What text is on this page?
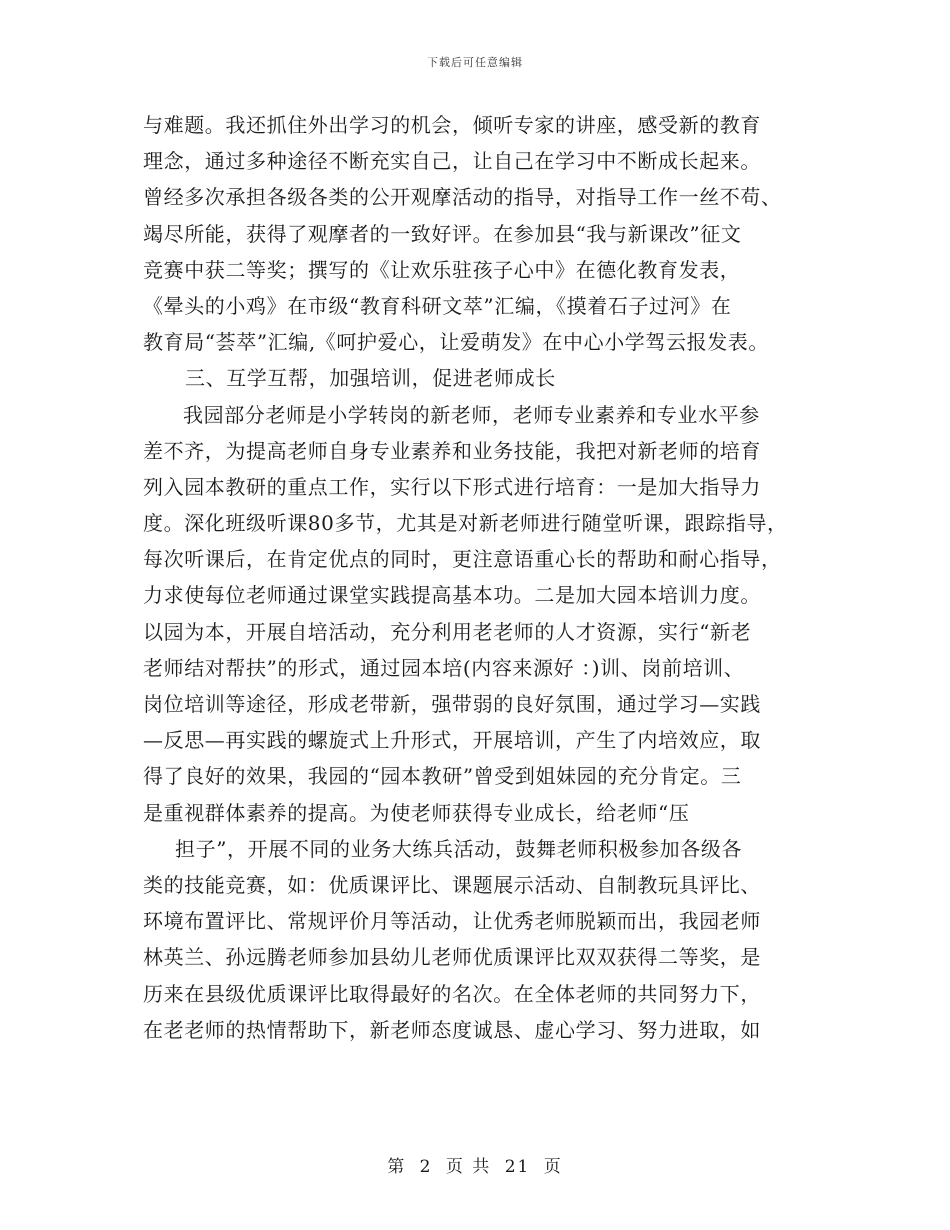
下载后可任意编辑
与难题。我还抓住外出学习的机会，倾听专家的讲座，感受新的教育
理念，通过多种途径不断充实自己，让自己在学习中不断成长起来。
曾经多次承担各级各类的公开观摩活动的指导，对指导工作一丝不苟、
竭尽所能，获得了观摩者的一致好评。在参加县“我与新课改”征文
竞赛中获二等奖；撰写的《让欢乐驻孩子心中》在德化教育发表，
《晕头的小鸡》在市级“教育科研文萃”汇编，《摸着石子过河》在
教育局“荟萃”汇编,《呵护爱心，让爱萌发》在中心小学驾云报发表。
三、互学互帮，加强培训，促进老师成长
我园部分老师是小学转岗的新老师，老师专业素养和专业水平参
差不齐，为提高老师自身专业素养和业务技能，我把对新老师的培育
列入园本教研的重点工作，实行以下形式进行培育：一是加大指导力
度。深化班级听课80多节，尤其是对新老师进行随堂听课，跟踪指导，
每次听课后，在肯定优点的同时，更注意语重心长的帮助和耐心指导，
力求使每位老师通过课堂实践提高基本功。二是加大园本培训力度。
以园为本，开展自培活动，充分利用老老师的人才资源，实行“新老
老师结对帮扶”的形式，通过园本培(内容来源好 ：)训、岗前培训、
岗位培训等途径，形成老带新，强带弱的良好氛围，通过学习—实践
—反思—再实践的螺旋式上升形式，开展培训，产生了内培效应，取
得了良好的效果，我园的“园本教研”曾受到姐妹园的充分肯定。三
是重视群体素养的提高。为使老师获得专业成长，给老师“压
担子”，开展不同的业务大练兵活动，鼓舞老师积极参加各级各
类的技能竞赛，如：优质课评比、课题展示活动、自制教玩具评比、
环境布置评比、常规评价月等活动，让优秀老师脱颖而出，我园老师
林英兰、孙远腾老师参加县幼儿老师优质课评比双双获得二等奖，是
历来在县级优质课评比取得最好的名次。在全体老师的共同努力下，
在老老师的热情帮助下，新老师态度诚恳、虚心学习、努力进取，如
第 2 页 共 21 页
